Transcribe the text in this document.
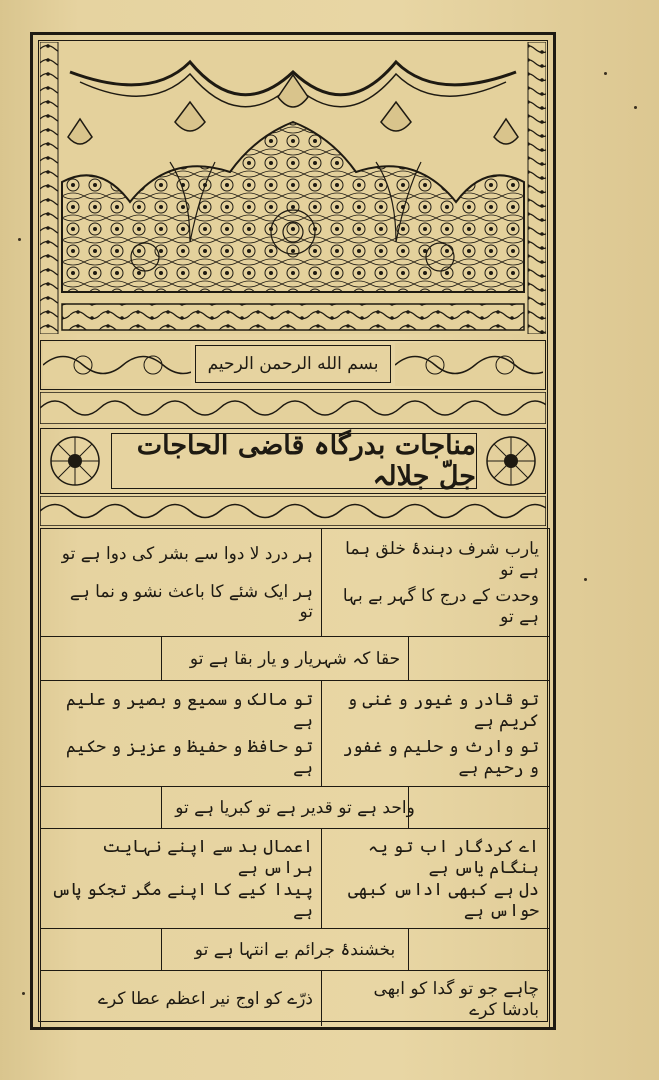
بسم الله الرحمن الرحیم
مناجات بدرگاہ قاضی الحاجات جلّ جلالہ
یارب شرف دہندۂ خلق ہما ہے تو
وحدت کے درج کا گہر بے بہا ہے تو
ہر درد لا دوا سے بشر کی دوا ہے تو
ہر ایک شئے کا باعث نشو و نما ہے تو
حقا کہ شہریار و یار بقا ہے تو
تو قادر و غیور و غنی و کریم ہے
تو وارث و حلیم و غفور و رحیم ہے
تو مالک و سمیع و بصیر و علیم ہے
تو حافظ و حفیظ و عزیز و حکیم ہے
واحد ہے تو قدیر ہے تو کبریا ہے تو
اے کردگار اب تو یہ ہنگام یاس ہے
دل ہے کبھی اداس کبھی حواس ہے
اعمال بد سے اپنے نہایت ہراس ہے
پیدا کیے کا اپنے مگر تجکو پاس ہے
بخشندۂ جرائم بے انتہا ہے تو
چاہے جو تو گدا کو ابھی بادشا کرے
ذرّے کو اوج نیر اعظم عطا کرے
